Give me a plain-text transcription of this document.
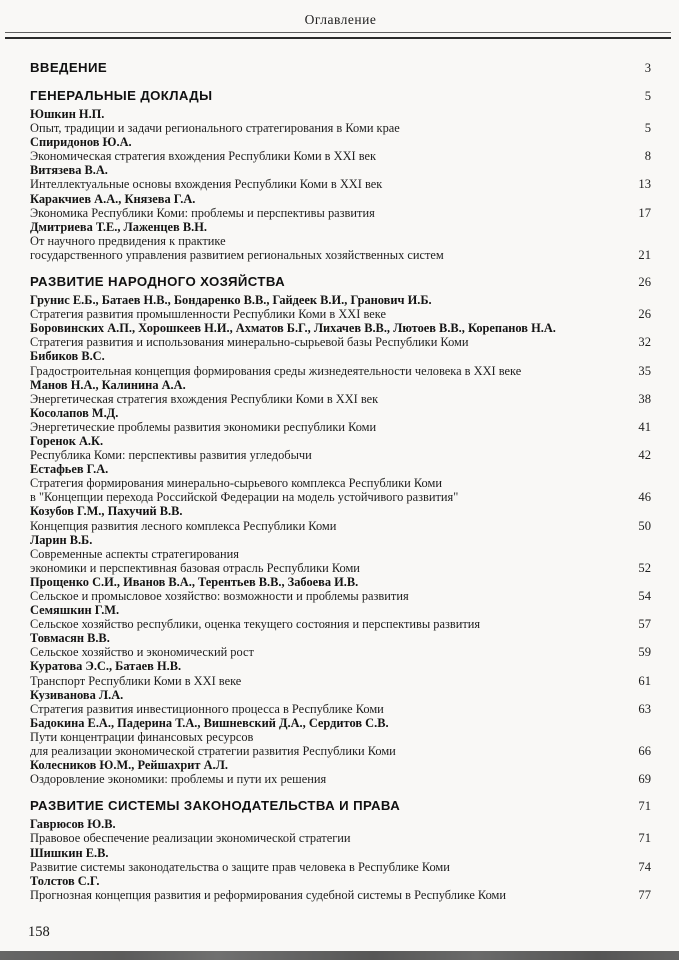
Оглавление
ВВЕДЕНИЕ	3
ГЕНЕРАЛЬНЫЕ ДОКЛАДЫ	5
Юшкин Н.П.
Опыт, традиции и задачи регионального стратегирования в Коми крае	5
Спиридонов Ю.А.
Экономическая стратегия вхождения Республики Коми в XXI век	8
Витязева В.А.
Интеллектуальные основы вхождения Республики Коми в XXI век	13
Каракчиев А.А., Князева Г.А.
Экономика Республики Коми: проблемы и перспективы развития	17
Дмитриева Т.Е., Лаженцев В.Н.
От научного предвидения к практике
государственного управления развитием региональных хозяйственных систем	21
РАЗВИТИЕ НАРОДНОГО ХОЗЯЙСТВА	26
Грунис Е.Б., Батаев Н.В., Бондаренко В.В., Гайдеек В.И., Гранович И.Б.
Стратегия развития промышленности Республики Коми в XXI веке	26
Боровинских А.П., Хорошкеев Н.И., Ахматов Б.Г., Лихачев В.В., Лютоев В.В., Корепанов Н.А.
Стратегия развития и использования минерально-сырьевой базы Республики Коми	32
Бибиков В.С.
Градостроительная концепция формирования среды жизнедеятельности человека в XXI веке	35
Манов Н.А., Калинина А.А.
Энергетическая стратегия вхождения Республики Коми в XXI век	38
Косолапов М.Д.
Энергетические проблемы развития экономики республики Коми	41
Горенок А.К.
Республика Коми: перспективы развития угледобычи	42
Естафьев Г.А.
Стратегия формирования минерально-сырьевого комплекса Республики Коми
в "Концепции перехода Российской Федерации на модель устойчивого развития"	46
Козубов Г.М., Пахучий В.В.
Концепция развития лесного комплекса Республики Коми	50
Ларин В.Б.
Современные аспекты стратегирования
экономики и перспективная базовая отрасль Республики Коми	52
Прощенко С.И., Иванов В.А., Терентьев В.В., Забоева И.В.
Сельское и промысловое хозяйство: возможности и проблемы развития	54
Семяшкин Г.М.
Сельское хозяйство республики, оценка текущего состояния и перспективы развития	57
Товмасян В.В.
Сельское хозяйство и экономический рост	59
Куратова Э.С., Батаев Н.В.
Транспорт Республики Коми в XXI веке	61
Кузиванова Л.А.
Стратегия развития инвестиционного процесса в Республике Коми	63
Бадокина Е.А., Падерина Т.А., Вишневский Д.А., Сердитов С.В.
Пути концентрации финансовых ресурсов
для реализации экономической стратегии развития Республики Коми	66
Колесников Ю.М., Рейшахрит А.Л.
Оздоровление экономики: проблемы и пути их решения	69
РАЗВИТИЕ СИСТЕМЫ ЗАКОНОДАТЕЛЬСТВА И ПРАВА	71
Гаврюсов Ю.В.
Правовое обеспечение реализации экономической стратегии	71
Шишкин Е.В.
Развитие системы законодательства о защите прав человека в Республике Коми	74
Толстов С.Г.
Прогнозная концепция развития и реформирования судебной системы в Республике Коми	77
158
